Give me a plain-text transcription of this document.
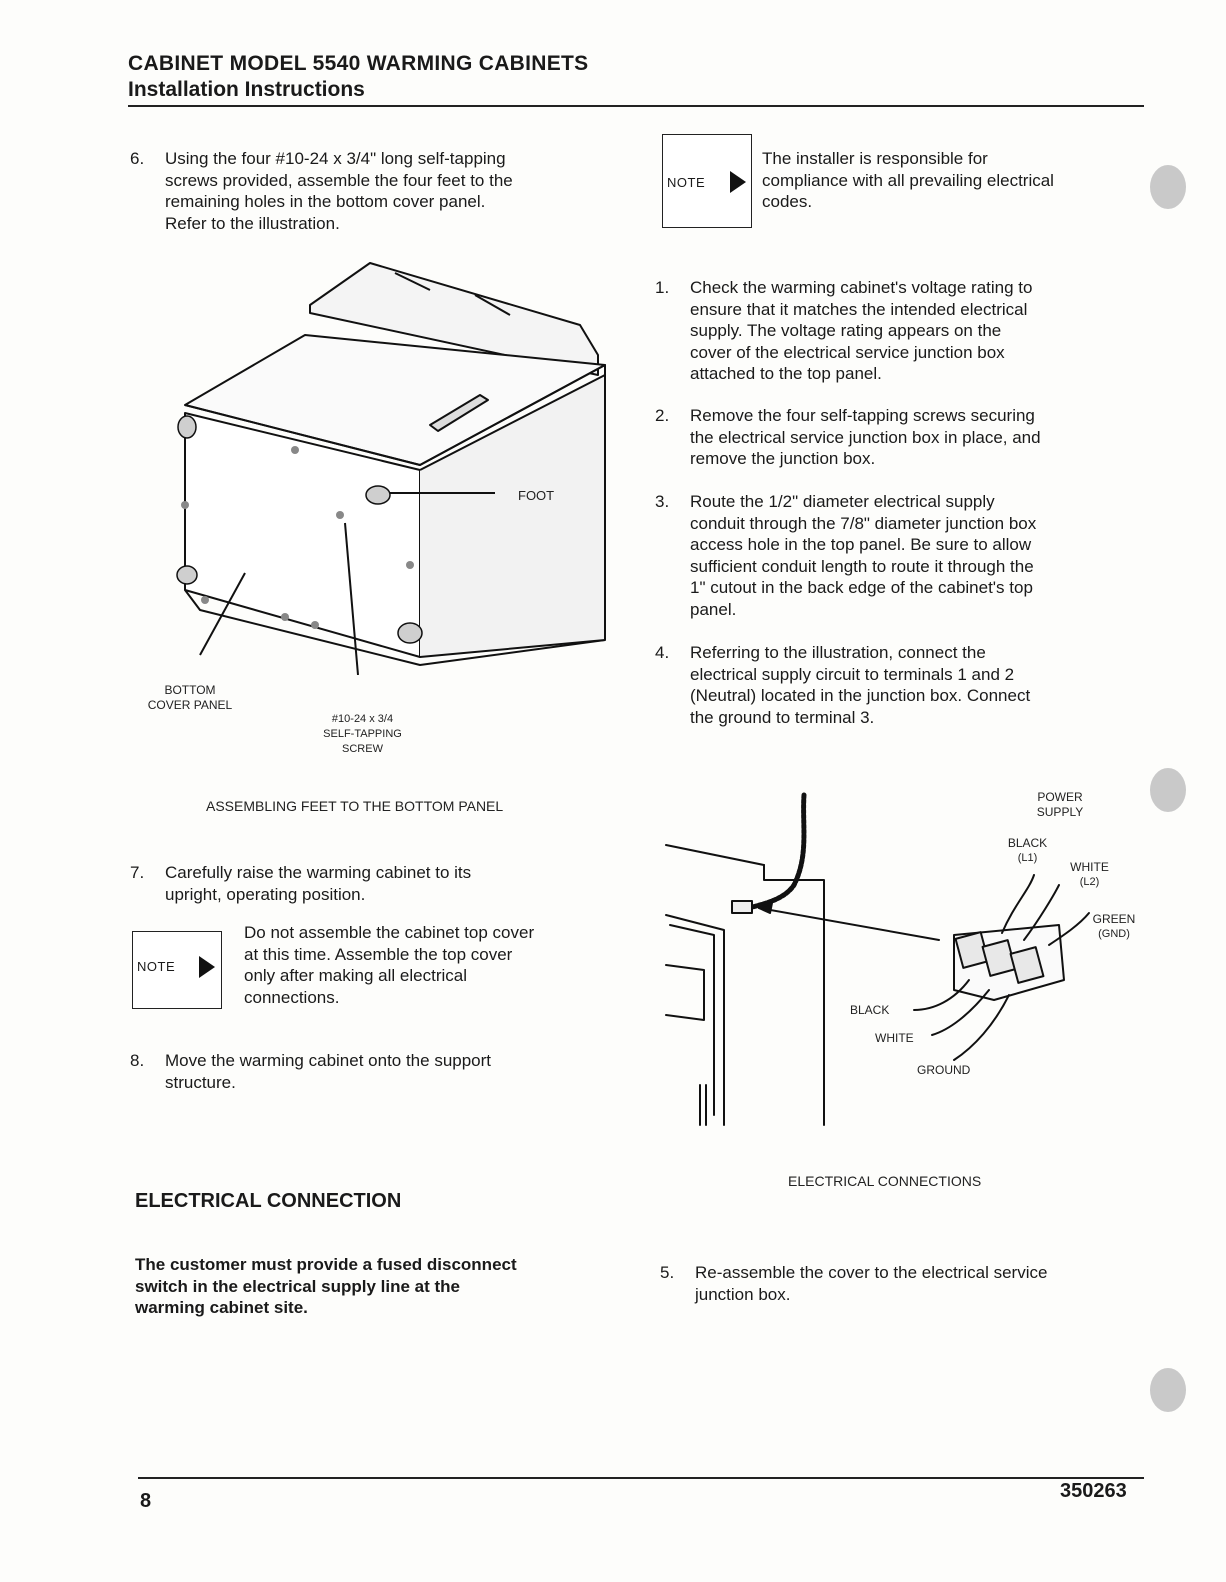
CABINET MODEL 5540 WARMING CABINETS
Installation Instructions
6. Using the four #10-24 x 3/4" long self-tapping
screws provided, assemble the four feet to the
remaining holes in the bottom cover panel.
Refer to the illustration.
FOOT
BOTTOM
COVER PANEL
#10-24 x 3/4
SELF-TAPPING
SCREW
ASSEMBLING FEET TO THE BOTTOM PANEL
7. Carefully raise the warming cabinet to its
upright, operating position.
NOTE
Do not assemble the cabinet top cover
at this time. Assemble the top cover
only after making all electrical
connections.
8. Move the warming cabinet onto the support
structure.
ELECTRICAL CONNECTION
The customer must provide a fused disconnect
switch in the electrical supply line at the
warming cabinet site.
NOTE
The installer is responsible for
compliance with all prevailing electrical
codes.
1. Check the warming cabinet's voltage rating to
ensure that it matches the intended electrical
supply. The voltage rating appears on the
cover of the electrical service junction box
attached to the top panel.
2. Remove the four self-tapping screws securing
the electrical service junction box in place, and
remove the junction box.
3. Route the 1/2" diameter electrical supply
conduit through the 7/8" diameter junction box
access hole in the top panel. Be sure to allow
sufficient conduit length to route it through the
1" cutout in the back edge of the cabinet's top
panel.
4. Referring to the illustration, connect the
electrical supply circuit to terminals 1 and 2
(Neutral) located in the junction box. Connect
the ground to terminal 3.
POWER
SUPPLY
BLACK
(L1)
WHITE
(L2)
GREEN
(GND)
BLACK
WHITE
GROUND
ELECTRICAL CONNECTIONS
5. Re-assemble the cover to the electrical service
junction box.
8	350263
